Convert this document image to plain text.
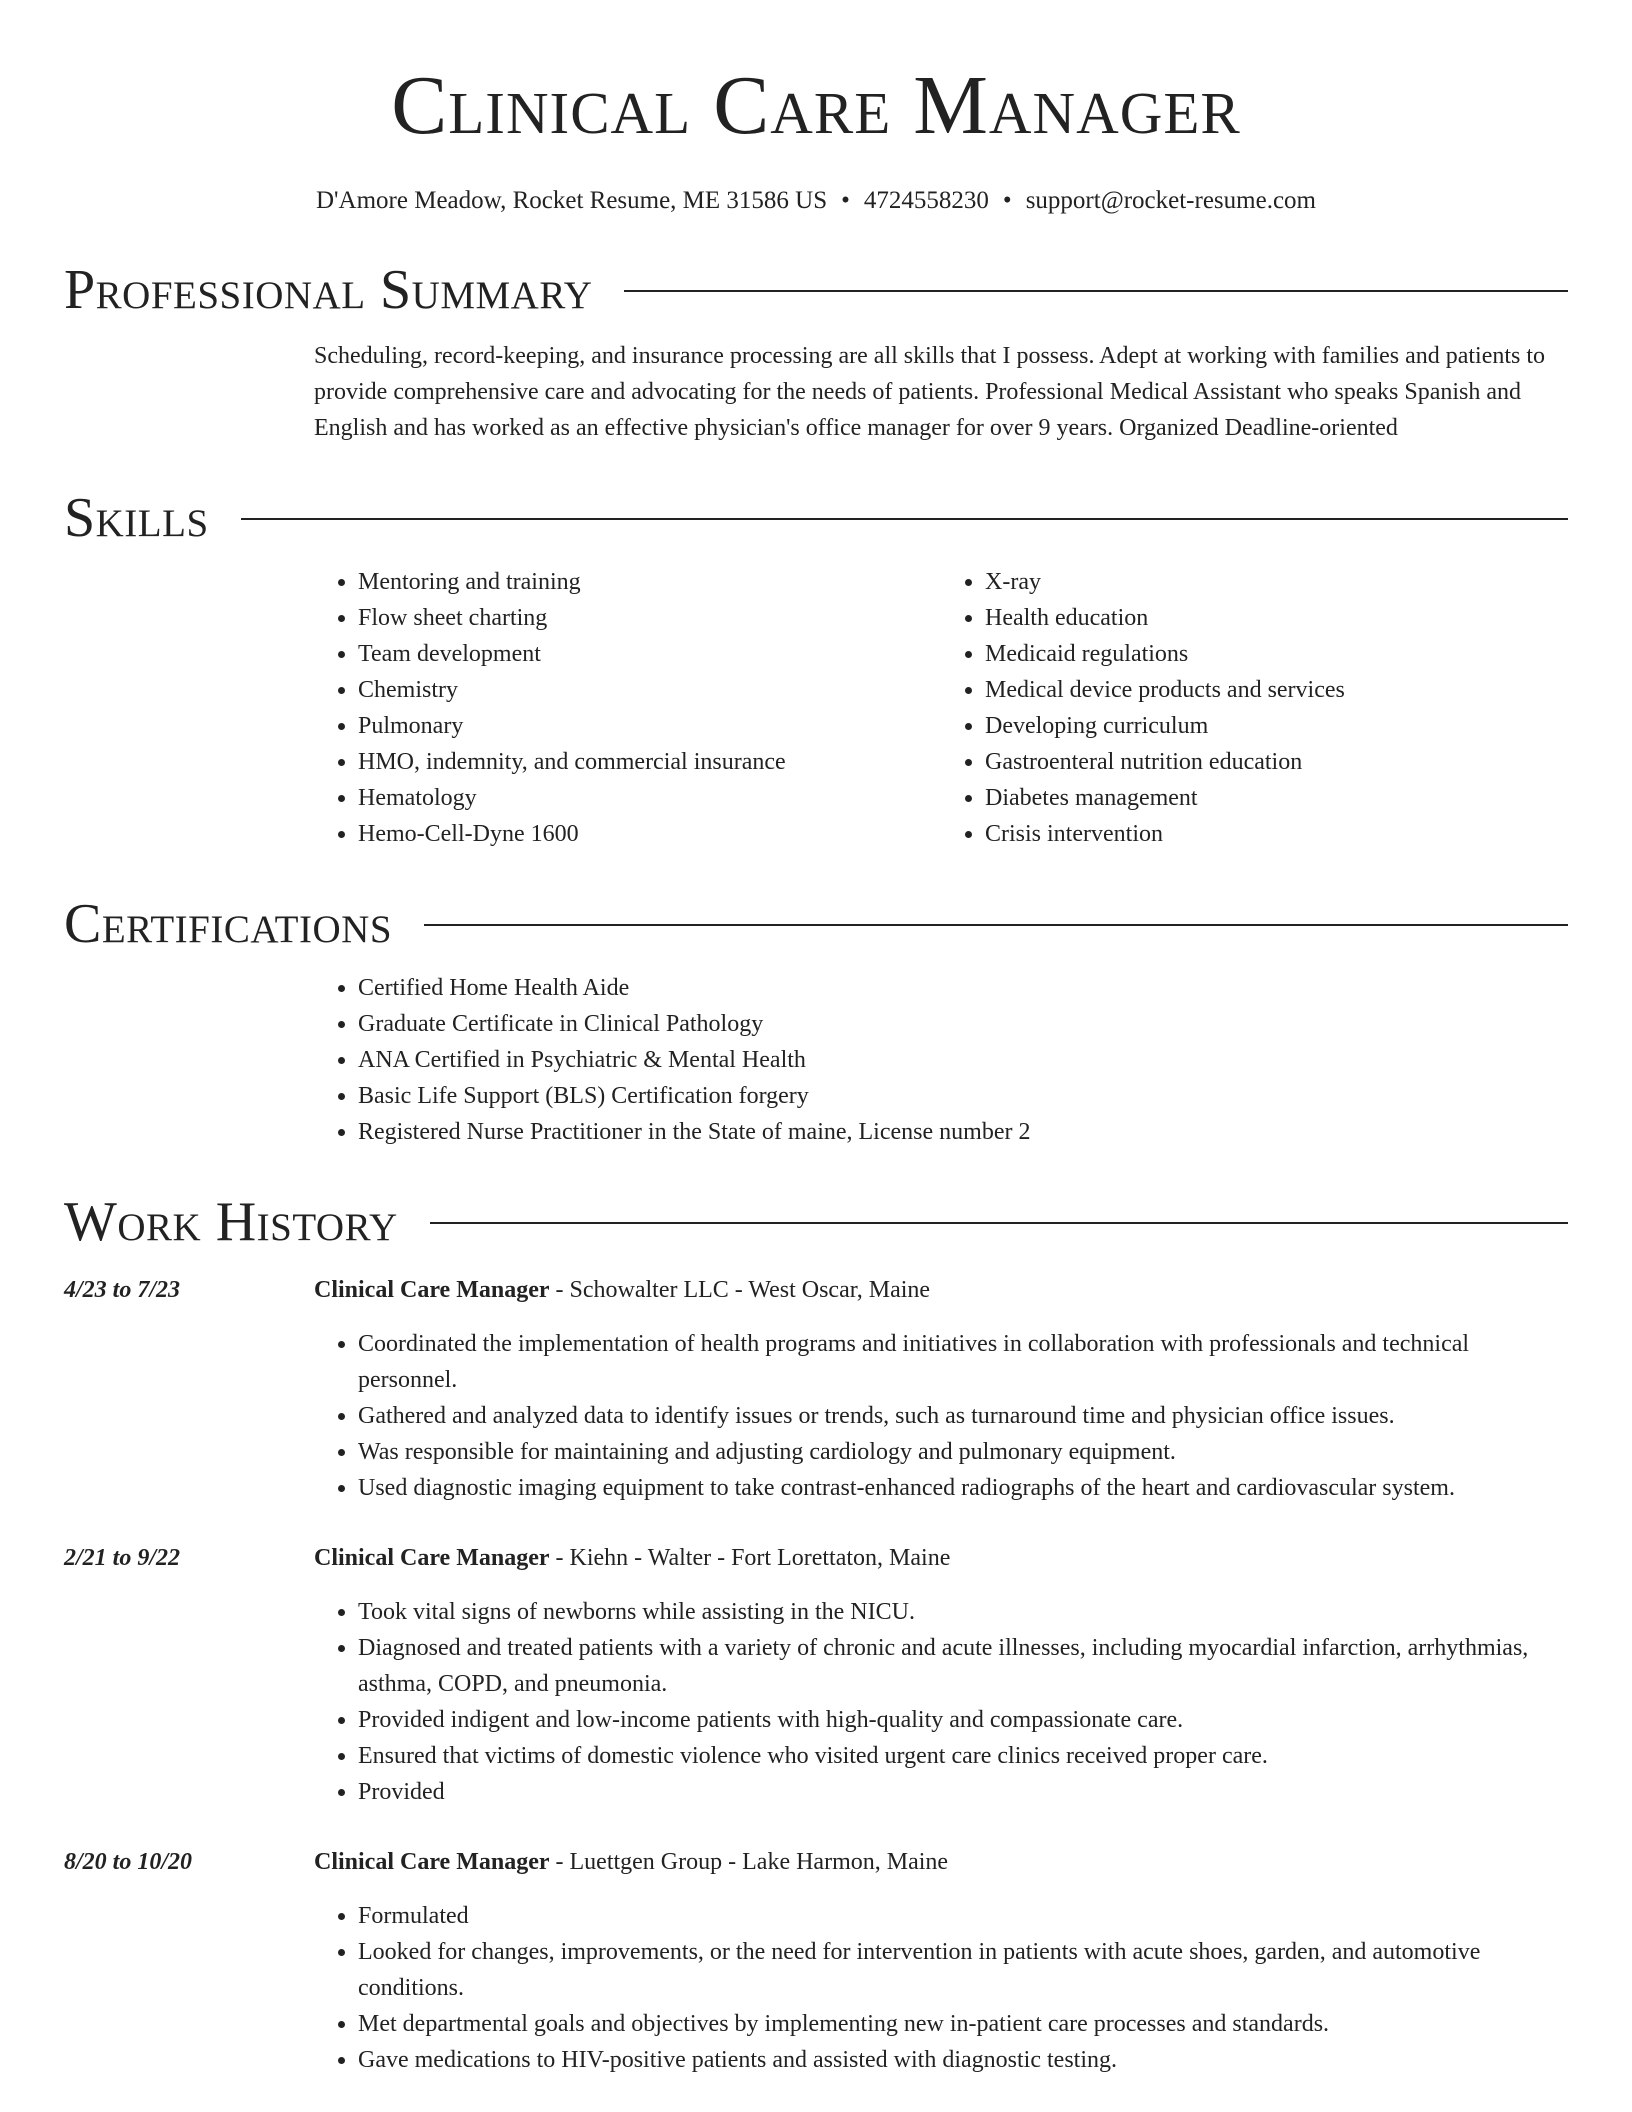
Clinical Care Manager
D'Amore Meadow, Rocket Resume, ME 31586 US • 4724558230 • support@rocket-resume.com
Professional Summary
Scheduling, record-keeping, and insurance processing are all skills that I possess. Adept at working with families and patients to provide comprehensive care and advocating for the needs of patients. Professional Medical Assistant who speaks Spanish and English and has worked as an effective physician's office manager for over 9 years. Organized Deadline-oriented
Skills
• Mentoring and training
• Flow sheet charting
• Team development
• Chemistry
• Pulmonary
• HMO, indemnity, and commercial insurance
• Hematology
• Hemo-Cell-Dyne 1600
• X-ray
• Health education
• Medicaid regulations
• Medical device products and services
• Developing curriculum
• Gastroenteral nutrition education
• Diabetes management
• Crisis intervention
Certifications
• Certified Home Health Aide
• Graduate Certificate in Clinical Pathology
• ANA Certified in Psychiatric & Mental Health
• Basic Life Support (BLS) Certification forgery
• Registered Nurse Practitioner in the State of maine, License number 2
Work History
4/23 to 7/23	Clinical Care Manager - Schowalter LLC - West Oscar, Maine
• Coordinated the implementation of health programs and initiatives in collaboration with professionals and technical personnel.
• Gathered and analyzed data to identify issues or trends, such as turnaround time and physician office issues.
• Was responsible for maintaining and adjusting cardiology and pulmonary equipment.
• Used diagnostic imaging equipment to take contrast-enhanced radiographs of the heart and cardiovascular system.
2/21 to 9/22	Clinical Care Manager - Kiehn - Walter - Fort Lorettaton, Maine
• Took vital signs of newborns while assisting in the NICU.
• Diagnosed and treated patients with a variety of chronic and acute illnesses, including myocardial infarction, arrhythmias, asthma, COPD, and pneumonia.
• Provided indigent and low-income patients with high-quality and compassionate care.
• Ensured that victims of domestic violence who visited urgent care clinics received proper care.
• Provided
8/20 to 10/20	Clinical Care Manager - Luettgen Group - Lake Harmon, Maine
• Formulated
• Looked for changes, improvements, or the need for intervention in patients with acute shoes, garden, and automotive conditions.
• Met departmental goals and objectives by implementing new in-patient care processes and standards.
• Gave medications to HIV-positive patients and assisted with diagnostic testing.
